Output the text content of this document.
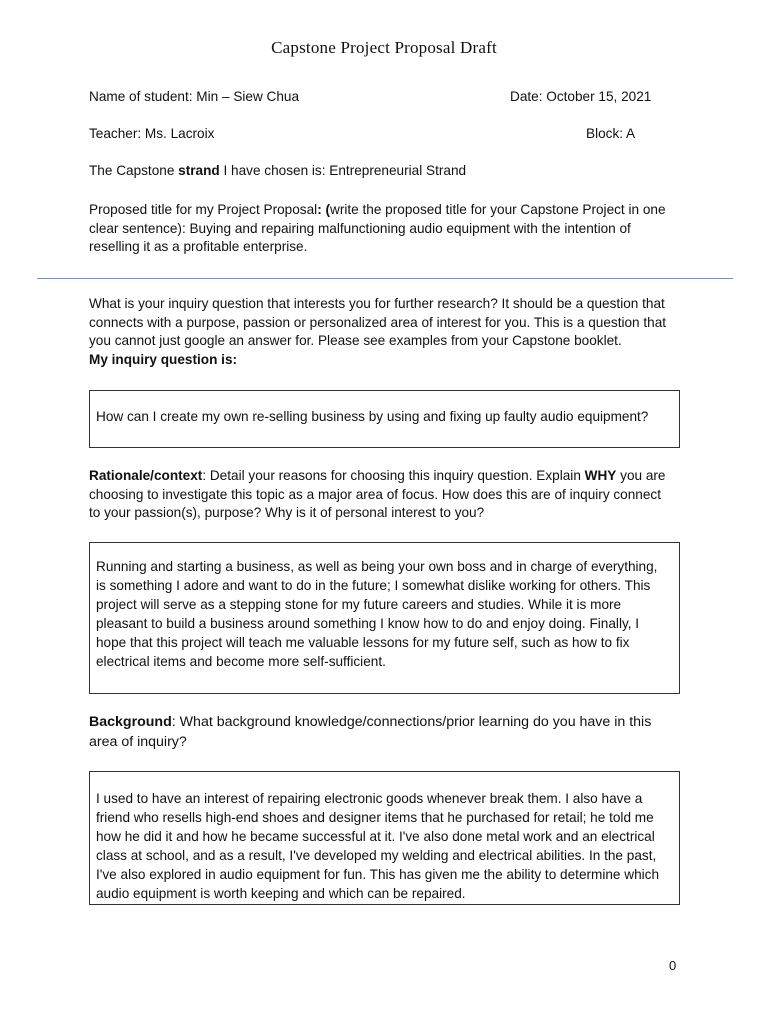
Capstone Project Proposal Draft
Name of student: Min – Siew Chua	Date: October 15, 2021
Teacher: Ms. Lacroix	Block: A
The Capstone strand I have chosen is: Entrepreneurial Strand
Proposed title for my Project Proposal: (write the proposed title for your Capstone Project in one
clear sentence): Buying and repairing malfunctioning audio equipment with the intention of
reselling it as a profitable enterprise.
What is your inquiry question that interests you for further research? It should be a question that
connects with a purpose, passion or personalized area of interest for you. This is a question that
you cannot just google an answer for. Please see examples from your Capstone booklet.
My inquiry question is:
How can I create my own re-selling business by using and fixing up faulty audio equipment?
Rationale/context: Detail your reasons for choosing this inquiry question. Explain WHY you are
choosing to investigate this topic as a major area of focus. How does this are of inquiry connect
to your passion(s), purpose? Why is it of personal interest to you?
Running and starting a business, as well as being your own boss and in charge of everything,
is something I adore and want to do in the future; I somewhat dislike working for others. This
project will serve as a stepping stone for my future careers and studies. While it is more
pleasant to build a business around something I know how to do and enjoy doing. Finally, I
hope that this project will teach me valuable lessons for my future self, such as how to fix
electrical items and become more self-sufficient.
Background: What background knowledge/connections/prior learning do you have in this
area of inquiry?
I used to have an interest of repairing electronic goods whenever break them. I also have a
friend who resells high-end shoes and designer items that he purchased for retail; he told me
how he did it and how he became successful at it. I've also done metal work and an electrical
class at school, and as a result, I've developed my welding and electrical abilities. In the past,
I've also explored in audio equipment for fun. This has given me the ability to determine which
audio equipment is worth keeping and which can be repaired.
0
